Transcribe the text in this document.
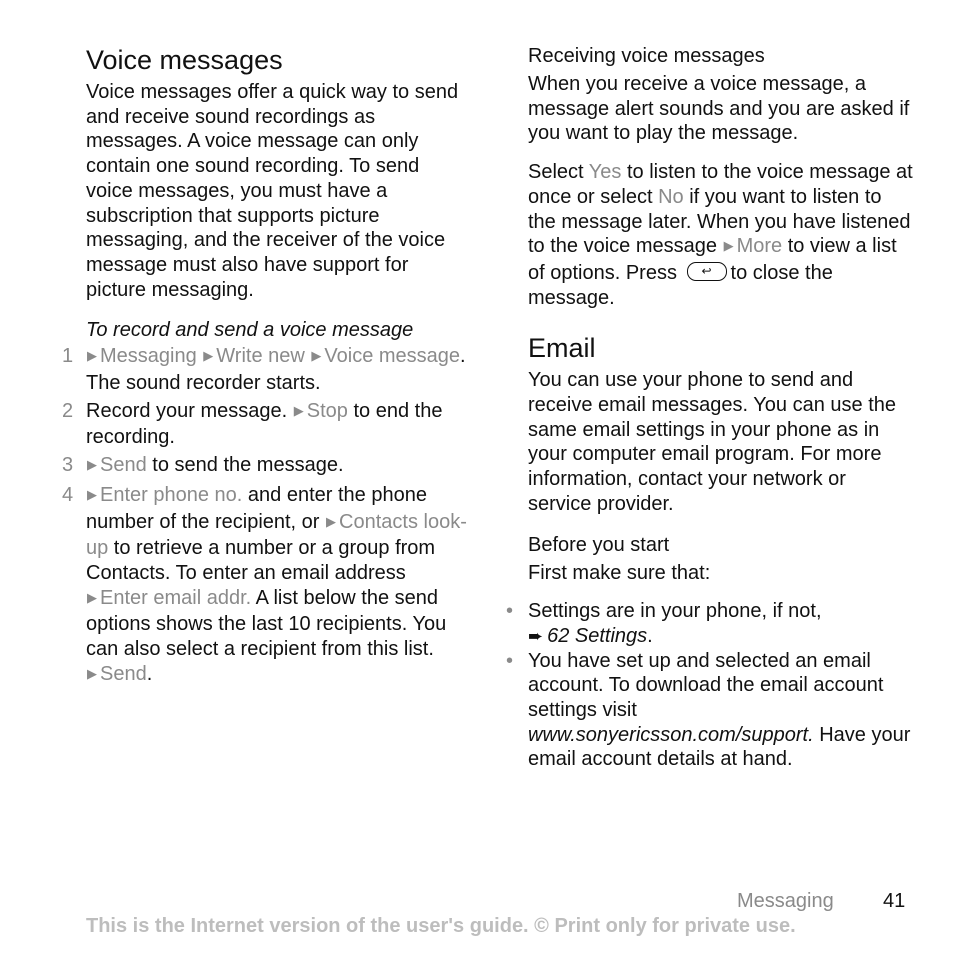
Voice messages

Voice messages offer a quick way to send and receive sound recordings as messages. A voice message can only contain one sound recording. To send voice messages, you must have a subscription that supports picture messaging, and the receiver of the voice message must also have support for picture messaging.

To record and send a voice message
1 ▶ Messaging ▶ Write new ▶ Voice message. The sound recorder starts.
2 Record your message. ▶ Stop to end the recording.
3 ▶ Send to send the message.
4 ▶ Enter phone no. and enter the phone number of the recipient, or ▶ Contacts look-up to retrieve a number or a group from Contacts. To enter an email address ▶ Enter email addr. A list below the send options shows the last 10 recipients. You can also select a recipient from this list. ▶ Send.
Receiving voice messages

When you receive a voice message, a message alert sounds and you are asked if you want to play the message.

Select Yes to listen to the voice message at once or select No if you want to listen to the message later. When you have listened to the voice message ▶ More to view a list of options. Press ↩ to close the message.

Email

You can use your phone to send and receive email messages. You can use the same email settings in your phone as in your computer email program. For more information, contact your network or service provider.

Before you start

First make sure that:

• Settings are in your phone, if not,
➨ 62 Settings.
• You have set up and selected an email account. To download the email account settings visit www.sonyericsson.com/support. Have your email account details at hand.
Messaging 41
This is the Internet version of the user's guide. © Print only for private use.
